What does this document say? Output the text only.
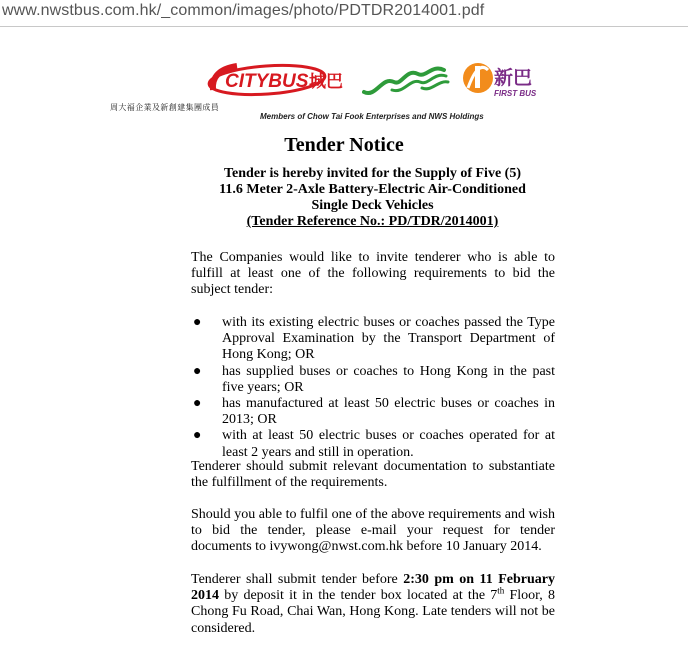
www.nwstbus.com.hk/_common/images/photo/PDTDR2014001.pdf
CITYBUS 城巴	新巴
FIRST BUS
周大福企業及新創建集團成員
Members of Chow Tai Fook Enterprises and NWS Holdings
Tender Notice
Tender is hereby invited for the Supply of Five (5)
11.6 Meter 2-Axle Battery-Electric Air-Conditioned
Single Deck Vehicles
(Tender Reference No.: PD/TDR/2014001)
The Companies would like to invite tenderer who is able to fulfill at least one of the following requirements to bid the subject tender:
● with its existing electric buses or coaches passed the Type Approval Examination by the Transport Department of Hong Kong; OR
● has supplied buses or coaches to Hong Kong in the past five years; OR
● has manufactured at least 50 electric buses or coaches in 2013; OR
● with at least 50 electric buses or coaches operated for at least 2 years and still in operation.
Tenderer should submit relevant documentation to substantiate the fulfillment of the requirements.
Should you able to fulfil one of the above requirements and wish to bid the tender, please e-mail your request for tender documents to ivywong@nwst.com.hk before 10 January 2014.
Tenderer shall submit tender before 2:30 pm on 11 February 2014 by deposit it in the tender box located at the 7th Floor, 8 Chong Fu Road, Chai Wan, Hong Kong. Late tenders will not be considered.
